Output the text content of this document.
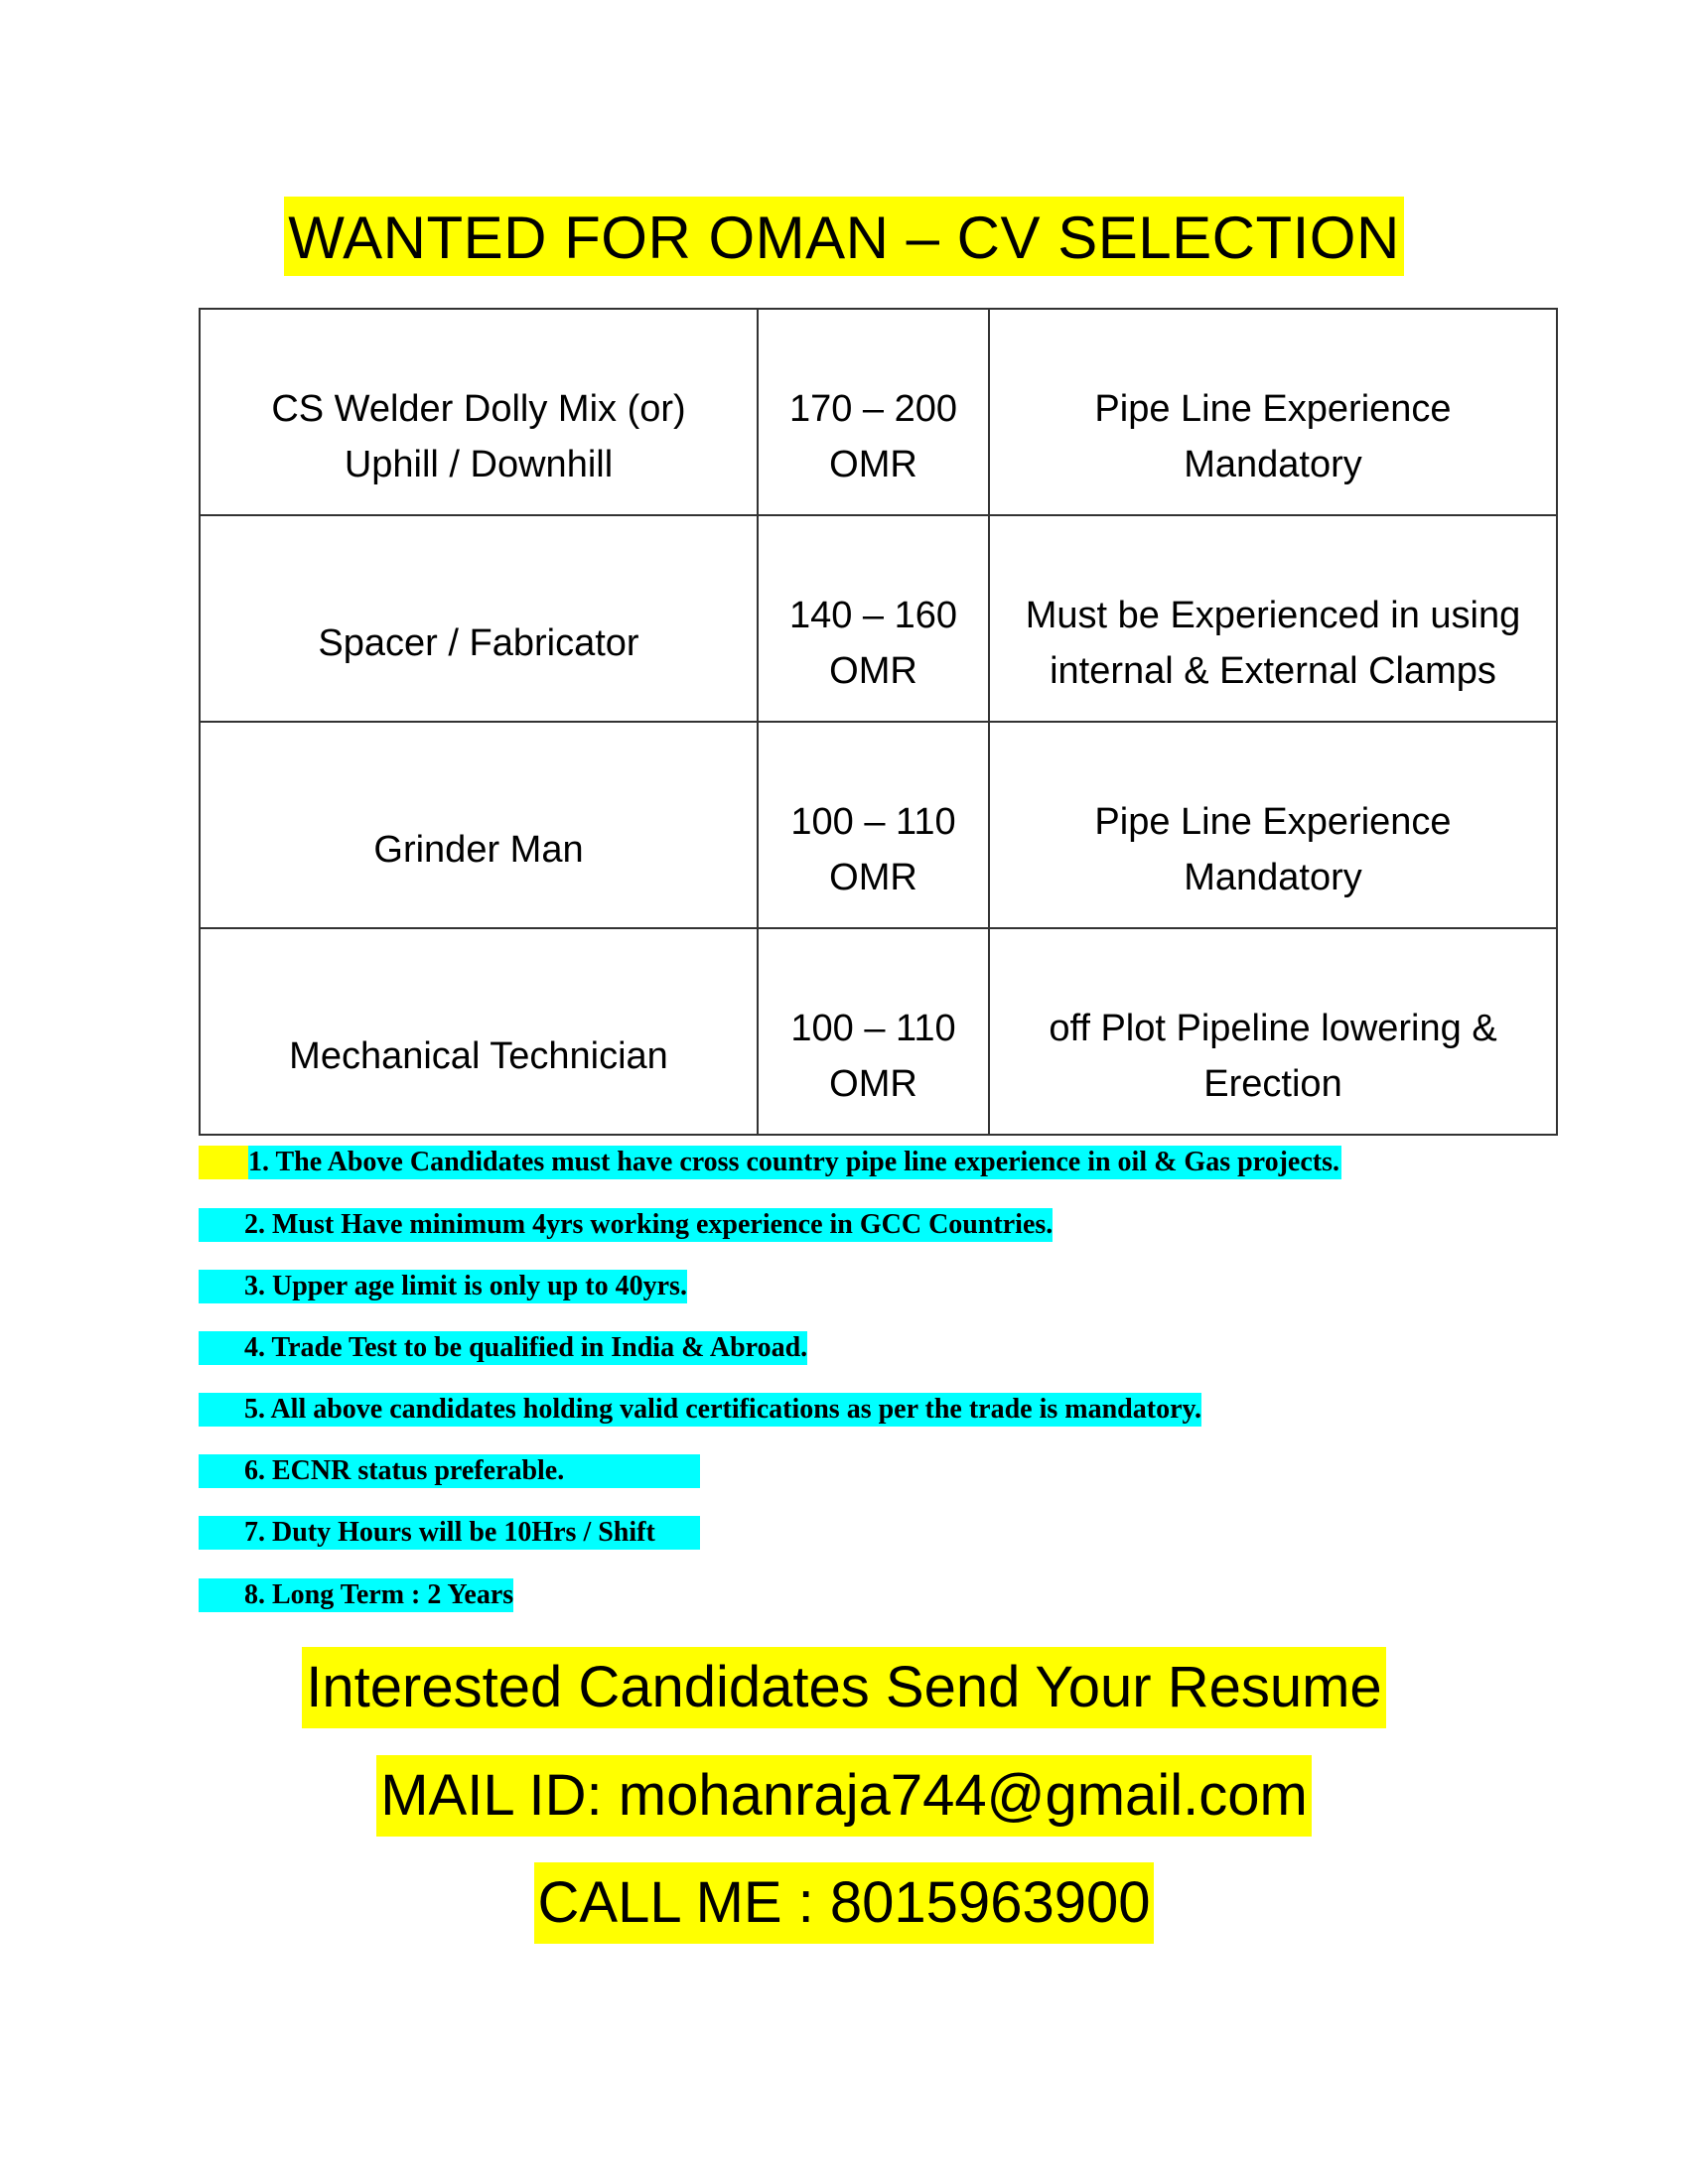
WANTED FOR OMAN – CV SELECTION
CS Welder Dolly Mix (or) Uphill / Downhill	170 – 200 OMR	Pipe Line Experience Mandatory
Spacer / Fabricator	140 – 160 OMR	Must be Experienced in using internal & External Clamps
Grinder Man	100 – 110 OMR	Pipe Line Experience Mandatory
Mechanical Technician	100 – 110 OMR	off Plot Pipeline lowering & Erection
1. The Above Candidates must have cross country pipe line experience in oil & Gas projects.
2. Must Have minimum 4yrs working experience in GCC Countries.
3. Upper age limit is only up to 40yrs.
4. Trade Test to be qualified in India & Abroad.
5. All above candidates holding valid certifications as per the trade is mandatory.
6. ECNR status preferable.
7. Duty Hours will be 10Hrs / Shift
8. Long Term : 2 Years
Interested Candidates Send Your Resume
MAIL ID: mohanraja744@gmail.com
CALL ME : 8015963900
